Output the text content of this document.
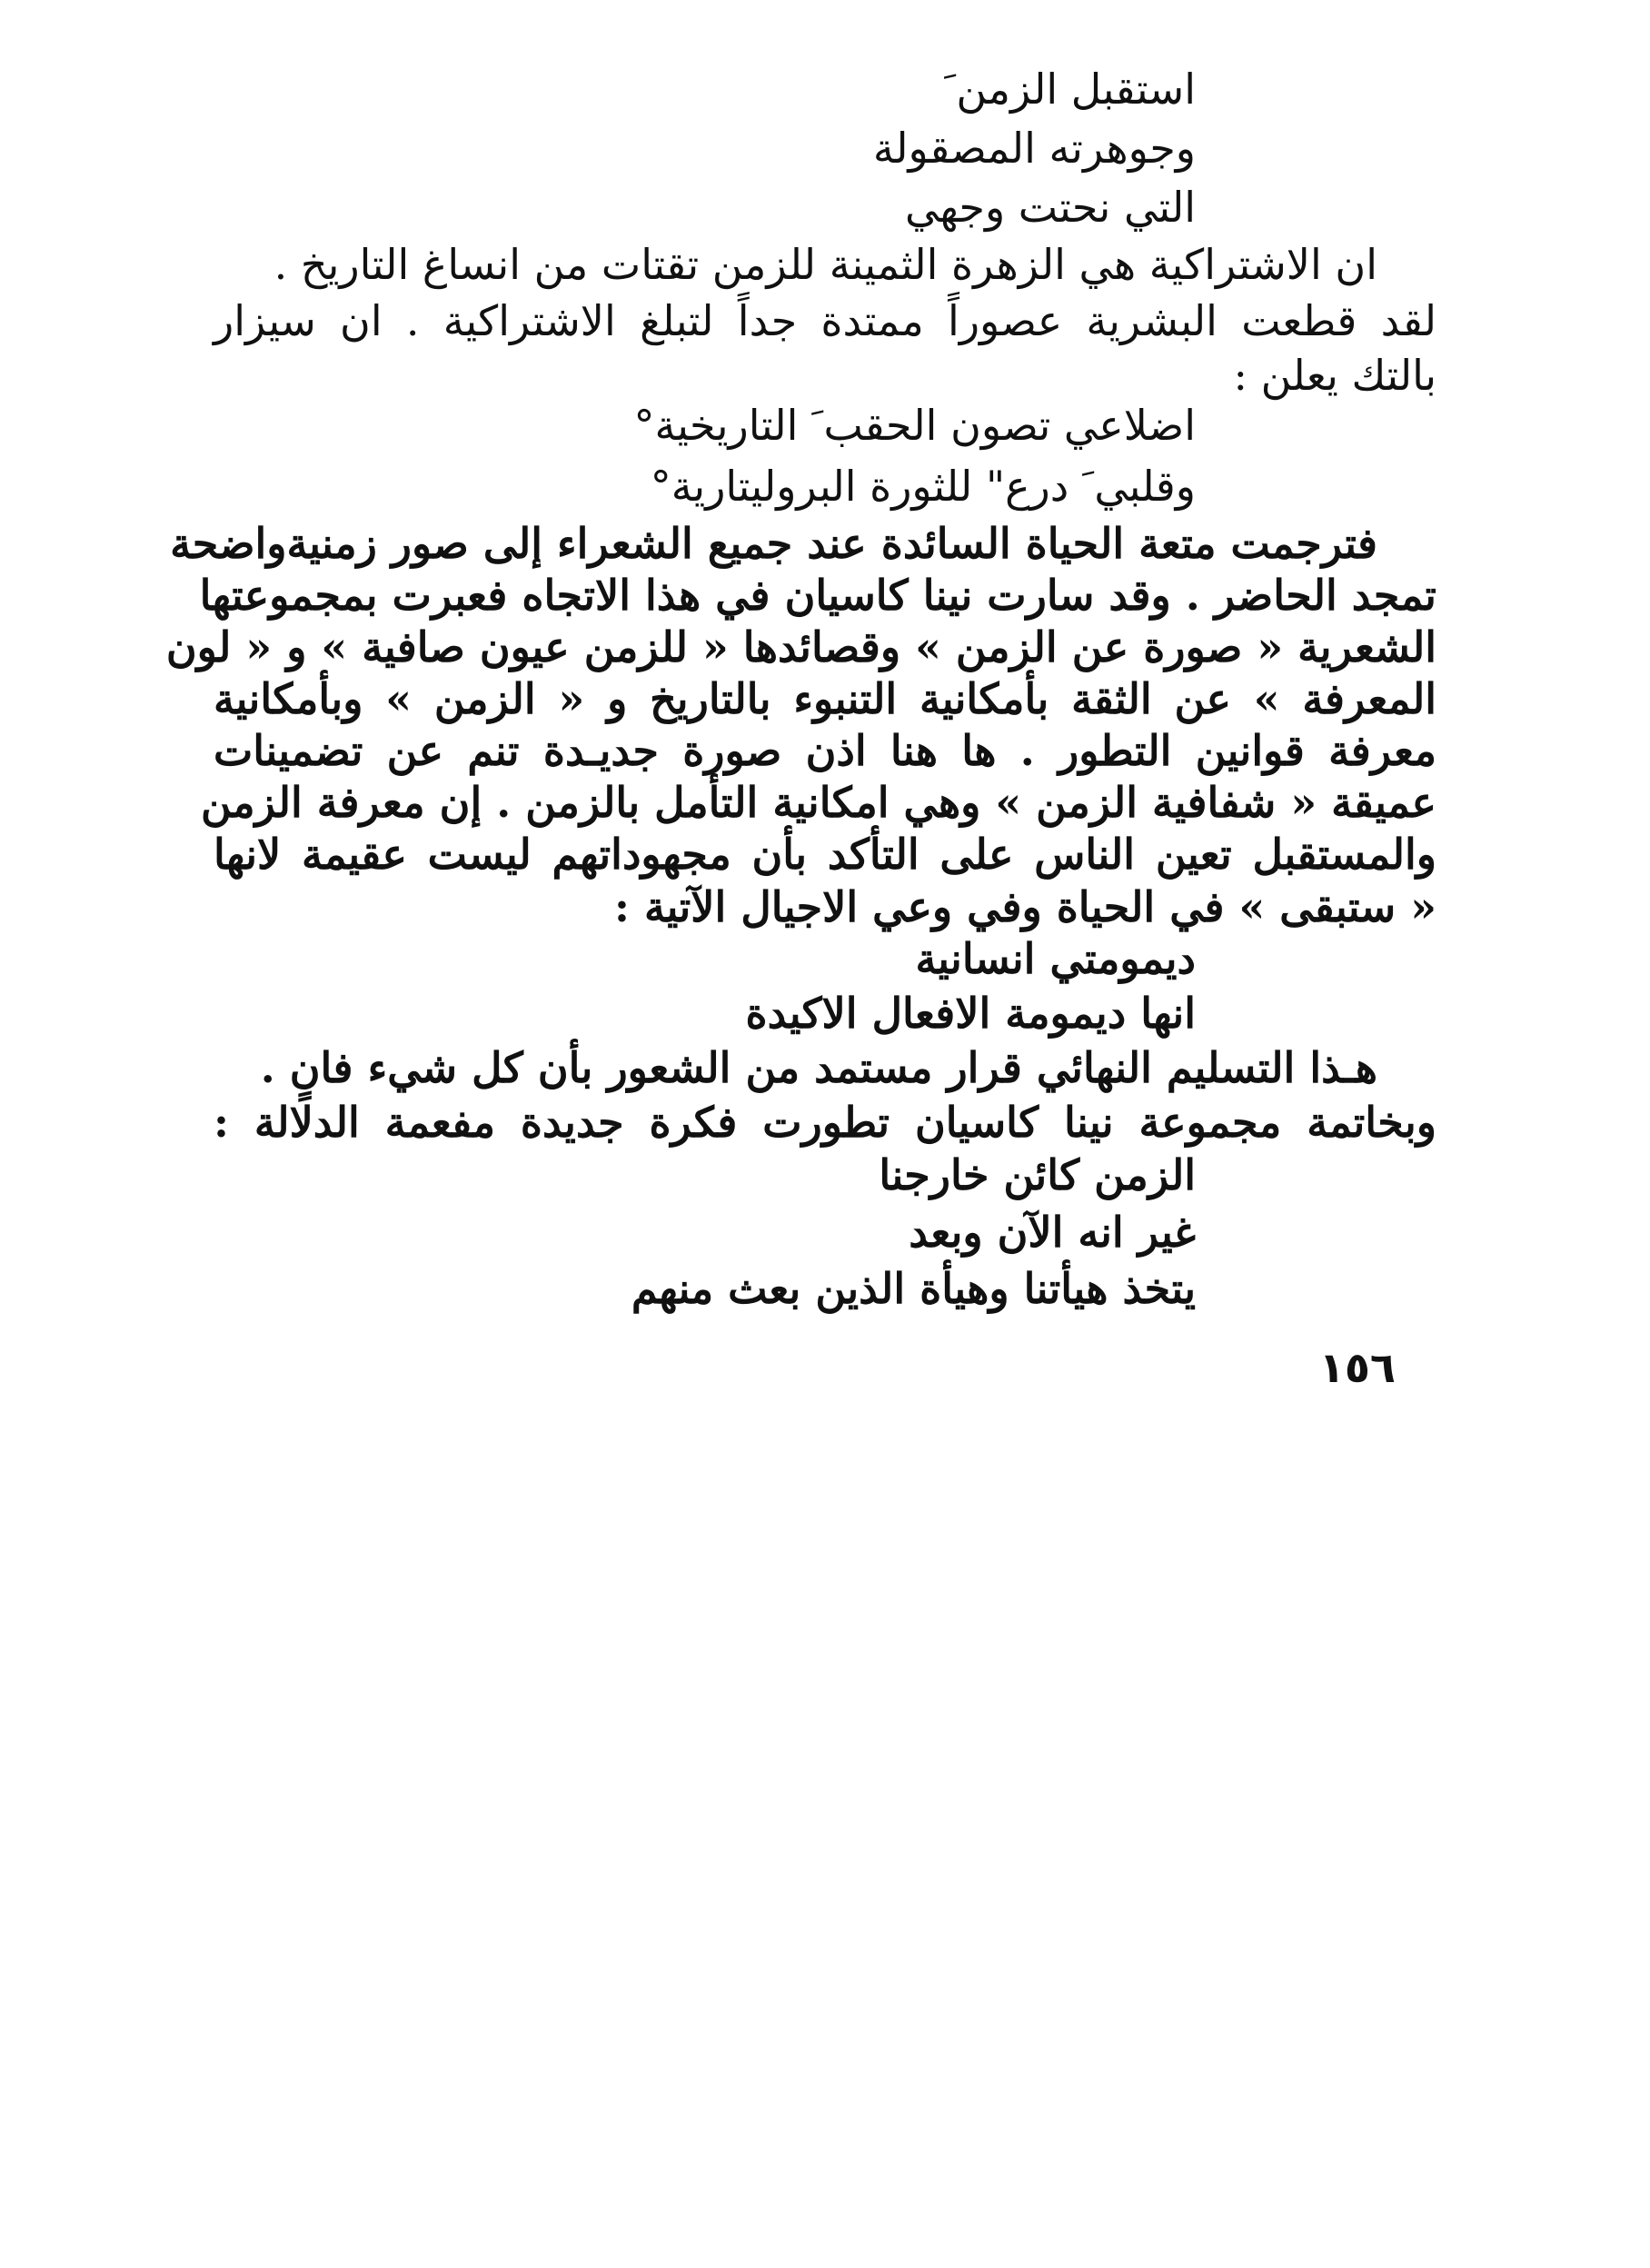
استقبل الزمن َ
وجوهرته المصقولة
التي نحتت وجهي
ان الاشتراكية هي الزهرة الثمينة للزمن تقتات من انساغ التاريخ .
لقد قطعت البشرية عصوراً ممتدة جداً لتبلغ الاشتراكية . ان سيزار
بالتك يعلن :
اضلاعي تصون الحقب َ التاريخية°
وقلبي َ درع" للثورة البروليتارية°
فترجمت متعة الحياة السائدة عند جميع الشعراء إلى صور زمنيةواضحة
تمجد الحاضر . وقد سارت نينا كاسيان في هذا الاتجاه فعبرت بمجموعتها
الشعرية « صورة عن الزمن » وقصائدها « للزمن عيون صافية » و « لون
المعرفة » عن الثقة بأمكانية التنبوء بالتاريخ و « الزمن » وبأمكانية
معرفة قوانين التطور . ها هنا اذن صورة جديـدة تنم عن تضمينات
عميقة « شفافية الزمن » وهي امكانية التأمل بالزمن . إن معرفة الزمن
والمستقبل تعين الناس على التأكد بأن مجهوداتهم ليست عقيمة لانها
« ستبقى » في الحياة وفي وعي الاجيال الآتية :
ديمومتي انسانية
انها ديمومة الافعال الاكيدة
هـذا التسليم النهائي قرار مستمد من الشعور بأن كل شيء فانٍ .
وبخاتمة مجموعة نينا كاسيان تطورت فكرة جديدة مفعمة الدلالة :
الزمن كائن خارجنا
غير انه الآن وبعد
يتخذ هيأتنا وهيأة الذين بعث منهم
١٥٦
